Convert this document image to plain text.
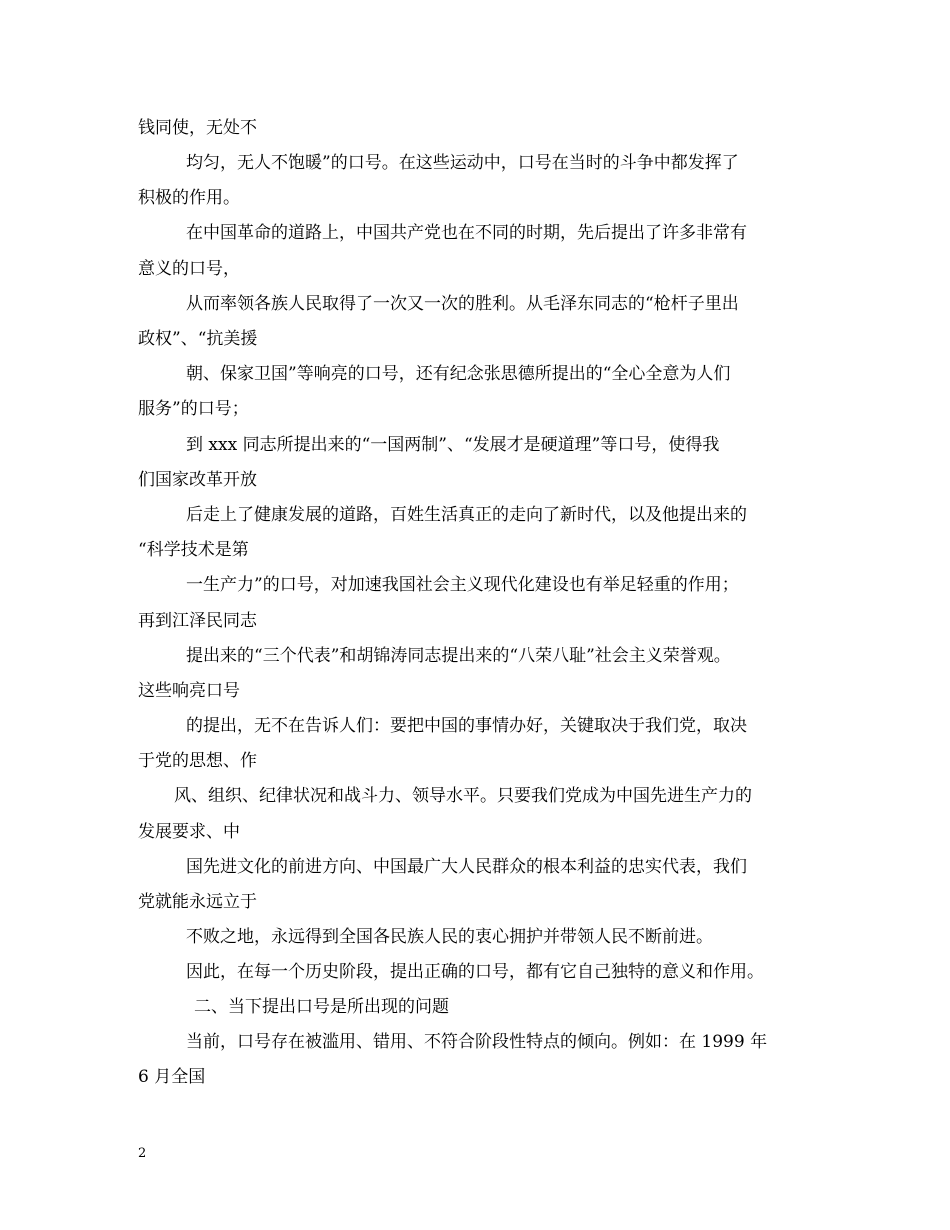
钱同使，无处不
均匀，无人不饱暖”的口号。在这些运动中，口号在当时的斗争中都发挥了
积极的作用。
在中国革命的道路上，中国共产党也在不同的时期，先后提出了许多非常有
意义的口号，
从而率领各族人民取得了一次又一次的胜利。从毛泽东同志的“枪杆子里出
政权”、“抗美援
朝、保家卫国”等响亮的口号，还有纪念张思德所提出的“全心全意为人们
服务”的口号；
到 xxx 同志所提出来的“一国两制”、“发展才是硬道理”等口号，使得我
们国家改革开放
后走上了健康发展的道路，百姓生活真正的走向了新时代，以及他提出来的
“科学技术是第
一生产力”的口号，对加速我国社会主义现代化建设也有举足轻重的作用；
再到江泽民同志
提出来的“三个代表”和胡锦涛同志提出来的“八荣八耻”社会主义荣誉观。
这些响亮口号
的提出，无不在告诉人们：要把中国的事情办好，关键取决于我们党，取决
于党的思想、作
风、组织、纪律状况和战斗力、领导水平。只要我们党成为中国先进生产力的
发展要求、中
国先进文化的前进方向、中国最广大人民群众的根本利益的忠实代表，我们
党就能永远立于
不败之地，永远得到全国各民族人民的衷心拥护并带领人民不断前进。
因此，在每一个历史阶段，提出正确的口号，都有它自己独特的意义和作用。
二、当下提出口号是所出现的问题
当前，口号存在被滥用、错用、不符合阶段性特点的倾向。例如：在 1999 年
6 月全国
2
